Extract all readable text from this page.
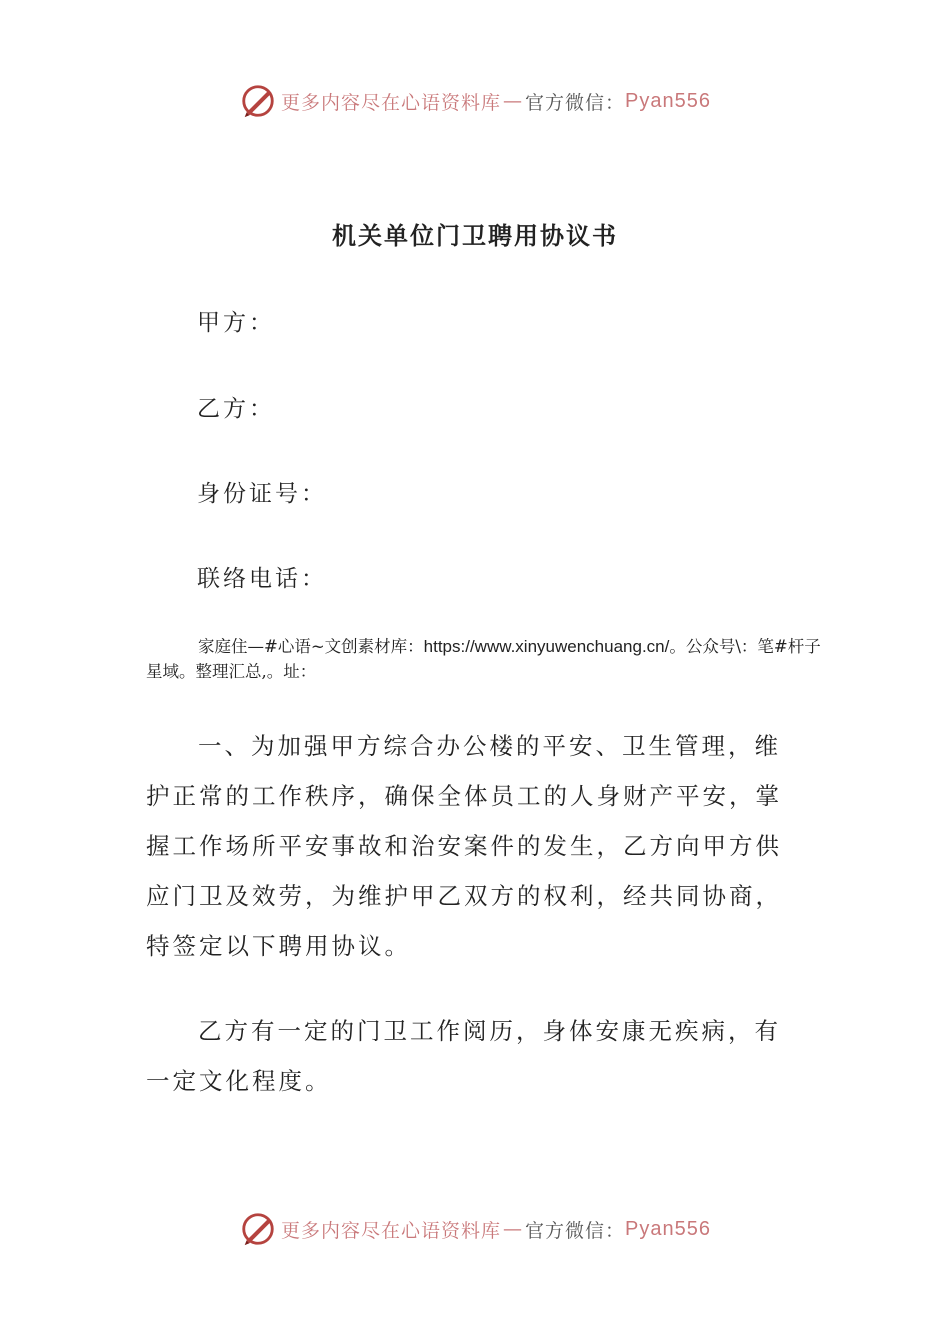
更多内容尽在心语资料库 — 官方微信： Pyan556
机关单位门卫聘用协议书
甲方：
乙方：
身份证号：
联络电话：
家庭住—#心语~文创素材库：https://www.xinyuwenchuang.cn/。公众号\：笔#杆子星域。整理汇总,。址：

一、为加强甲方综合办公楼的平安、卫生管理，维护正常的工作秩序，确保全体员工的人身财产平安，掌握工作场所平安事故和治安案件的发生，乙方向甲方供应门卫及效劳，为维护甲乙双方的权利，经共同协商，特签定以下聘用协议。

乙方有一定的门卫工作阅历，身体安康无疾病，有一定文化程度。

更多内容尽在心语资料库 — 官方微信： Pyan556
